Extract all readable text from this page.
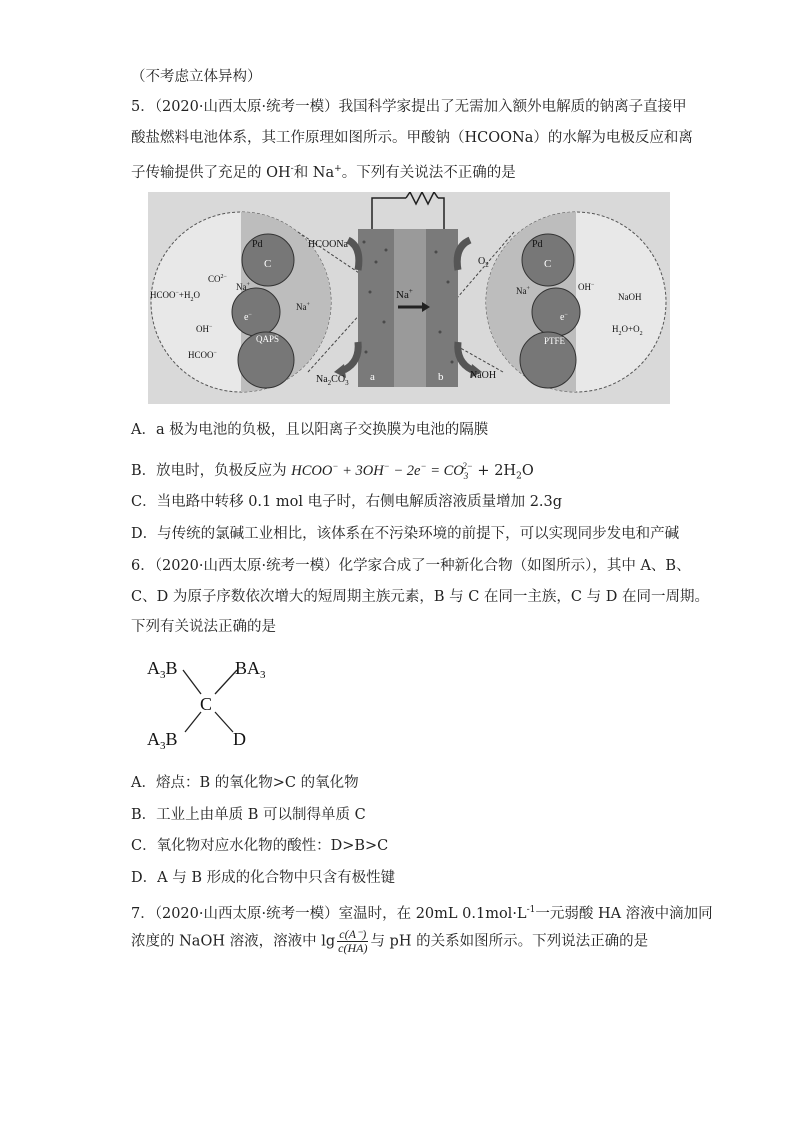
（不考虑立体异构）
5．（2020·山西太原·统考一模）我国科学家提出了无需加入额外电解质的钠离子直接甲
酸盐燃料电池体系，其工作原理如图所示。甲酸钠（HCOONa）的水解为电极反应和离
子传输提供了充足的 OH-和 Na+。下列有关说法不正确的是
HCOONa
$O_2$
Na+
$Na_2CO_3$
NaOH
a	b
Pd
C
$CO^{2-}$
Na+
$HCOO^-+H_2O$
OH−
HCOO−
e−
QAPS
Na+
Pd
C
Na+	OH−
NaOH
e−
PTFE
$H_2O+O_2$
A．a 极为电池的负极，且以阳离子交换膜为电池的隔膜
B．放电时，负极反应为 HCOO− + $3OH^- - 2e^- = CO_3^{2-} + 2H_2O$
C．当电路中转移 0.1 mol 电子时，右侧电解质溶液质量增加 2.3g
D．与传统的氯碱工业相比，该体系在不污染环境的前提下，可以实现同步发电和产碱
6．（2020·山西太原·统考一模）化学家合成了一种新化合物（如图所示），其中 A、B、
C、D 为原子序数依次增大的短周期主族元素，B 与 C 在同一主族，C 与 D 在同一周期。
下列有关说法正确的是
$A_3B$	$BA_3$
C
$A_3B$	D
A．熔点：B 的氧化物>C 的氧化物
B．工业上由单质 B 可以制得单质 C
C．氧化物对应水化物的酸性：D>B>C
D．A 与 B 形成的化合物中只含有极性键
7．（2020·山西太原·统考一模）室温时，在 20mL $0.1mol\cdot L^{-1}$一元弱酸 HA 溶液中滴加同
浓度的 NaOH 溶液，溶液中 $\lg \frac{c(A^-)}{c(HA)}$ 与 pH 的关系如图所示。下列说法正确的是
